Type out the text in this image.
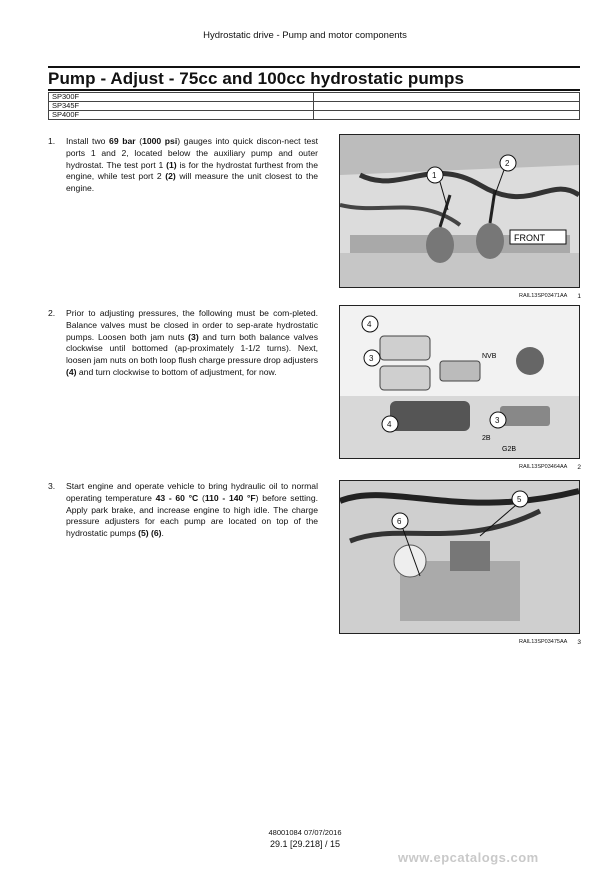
Hydrostatic drive - Pump and motor components
Pump - Adjust - 75cc and 100cc hydrostatic pumps
SP300F	
SP345F	
SP400F	
1.	Install two 69 bar (1000 psi) gauges into quick discon-nect test ports 1 and 2, located below the auxiliary pump and outer hydrostat. The test port 1 (1) is for the hydrostat furthest from the engine, while test port 2 (2) will measure the unit closest to the engine.
1
2
FRONT
RAIL13SP03471AA 1
2.	Prior to adjusting pressures, the following must be com-pleted. Balance valves must be closed in order to sep-arate hydrostatic pumps. Loosen both jam nuts (3) and turn both balance valves clockwise until bottomed (ap-proximately 1-1/2 turns). Next, loosen jam nuts on both loop flush charge pressure drop adjusters (4) and turn clockwise to bottom of adjustment, for now.
4
3
4	3
NVB
2B
G2B
RAIL13SP03464AA 2
3.	Start engine and operate vehicle to bring hydraulic oil to normal operating temperature 43 - 60 °C (110 - 140 °F) before setting. Apply park brake, and increase engine to high idle. The charge pressure adjusters for each pump are located on top of the hydrostatic pumps (5) (6).
5
6
RAIL13SP03475AA 3
48001084 07/07/2016
29.1 [29.218] / 15
www.epcatalogs.com
